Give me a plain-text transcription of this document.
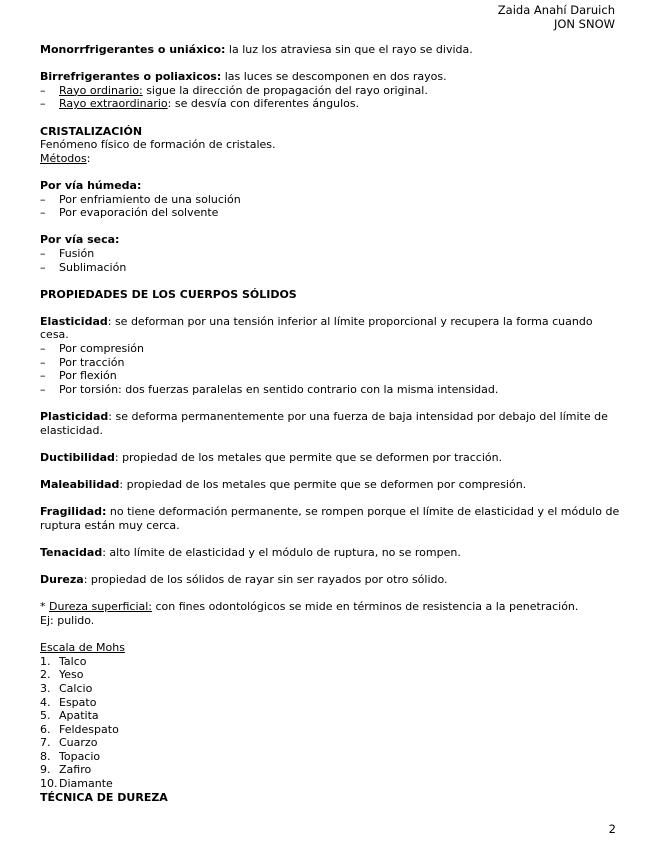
Zaida Anahí Daruich
JON SNOW

Monorrfrigerantes o uniáxico: la luz los atraviesa sin que el rayo se divida.

Birrefrigerantes o poliaxicos: las luces se descomponen en dos rayos.

– Rayo ordinario: sigue la dirección de propagación del rayo original.
– Rayo extraordinario: se desvía con diferentes ángulos.

CRISTALIZACIÓN

Fenómeno físico de formación de cristales.

Métodos:

Por vía húmeda:

– Por enfriamiento de una solución
– Por evaporación del solvente

Por vía seca:

– Fusión
– Sublimación

PROPIEDADES DE LOS CUERPOS SÓLIDOS

Elasticidad: se deforman por una tensión inferior al límite proporcional y recupera la forma cuando cesa.

– Por compresión
– Por tracción
– Por flexión
– Por torsión: dos fuerzas paralelas en sentido contrario con la misma intensidad.

Plasticidad: se deforma permanentemente por una fuerza de baja intensidad por debajo del límite de elasticidad.

Ductibilidad: propiedad de los metales que permite que se deformen por tracción.

Maleabilidad: propiedad de los metales que permite que se deformen por compresión.

Fragilidad: no tiene deformación permanente, se rompen porque el límite de elasticidad y el módulo de ruptura están muy cerca.

Tenacidad: alto límite de elasticidad y el módulo de ruptura, no se rompen.

Dureza: propiedad de los sólidos de rayar sin ser rayados por otro sólido.

* Dureza superficial: con fines odontológicos se mide en términos de resistencia a la penetración.

Ej: pulido.

Escala de Mohs

1. Talco
2. Yeso
3. Calcio
4. Espato
5. Apatita
6. Feldespato
7. Cuarzo
8. Topacio
9. Zafiro
10. Diamante

TÉCNICA DE DUREZA

2
